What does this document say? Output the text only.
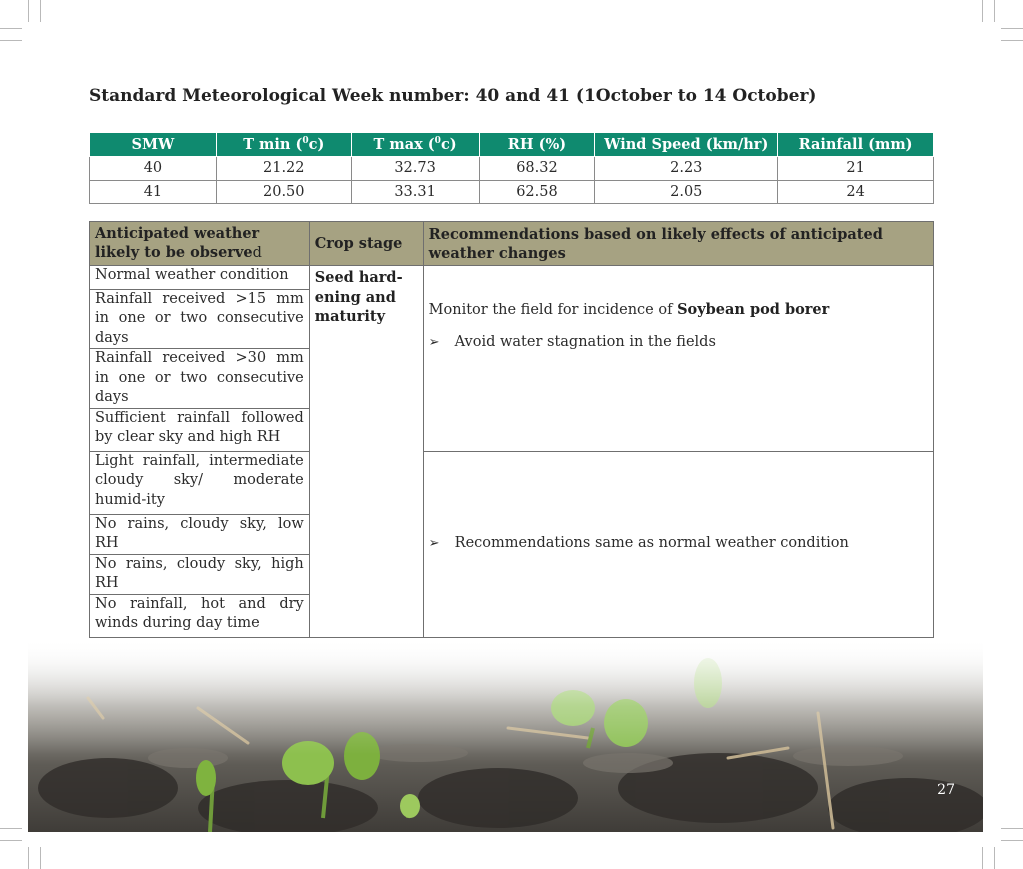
Standard Meteorological Week number: 40 and 41 (1October to 14 October)
SMW	T min ($^0$c)	T max ($^0$c)	RH (%)	Wind Speed (km/hr)	Rainfall (mm)
40	21.22	32.73	68.32	2.23	21
41	20.50	33.31	62.58	2.05	24
Anticipated weather likely to be observed	Crop stage	Recommendations based on likely effects of anticipated weather changes
Normal weather condition	Seed hard-ening and maturity	Monitor the field for incidence of Soybean pod borer

➢ Avoid water stagnation in the fields

Rainfall received >15 mm in one or two consecutive days		
Rainfall received >30 mm in one or two consecutive days		
Sufficient rainfall followed by clear sky and high RH		
Light rainfall, intermediate cloudy sky/ moderate humid-ity		➢ Recommendations same as normal weather condition

No rains, cloudy sky, low RH		
No rains, cloudy sky, high RH		
No rainfall, hot and dry winds during day time		
27
